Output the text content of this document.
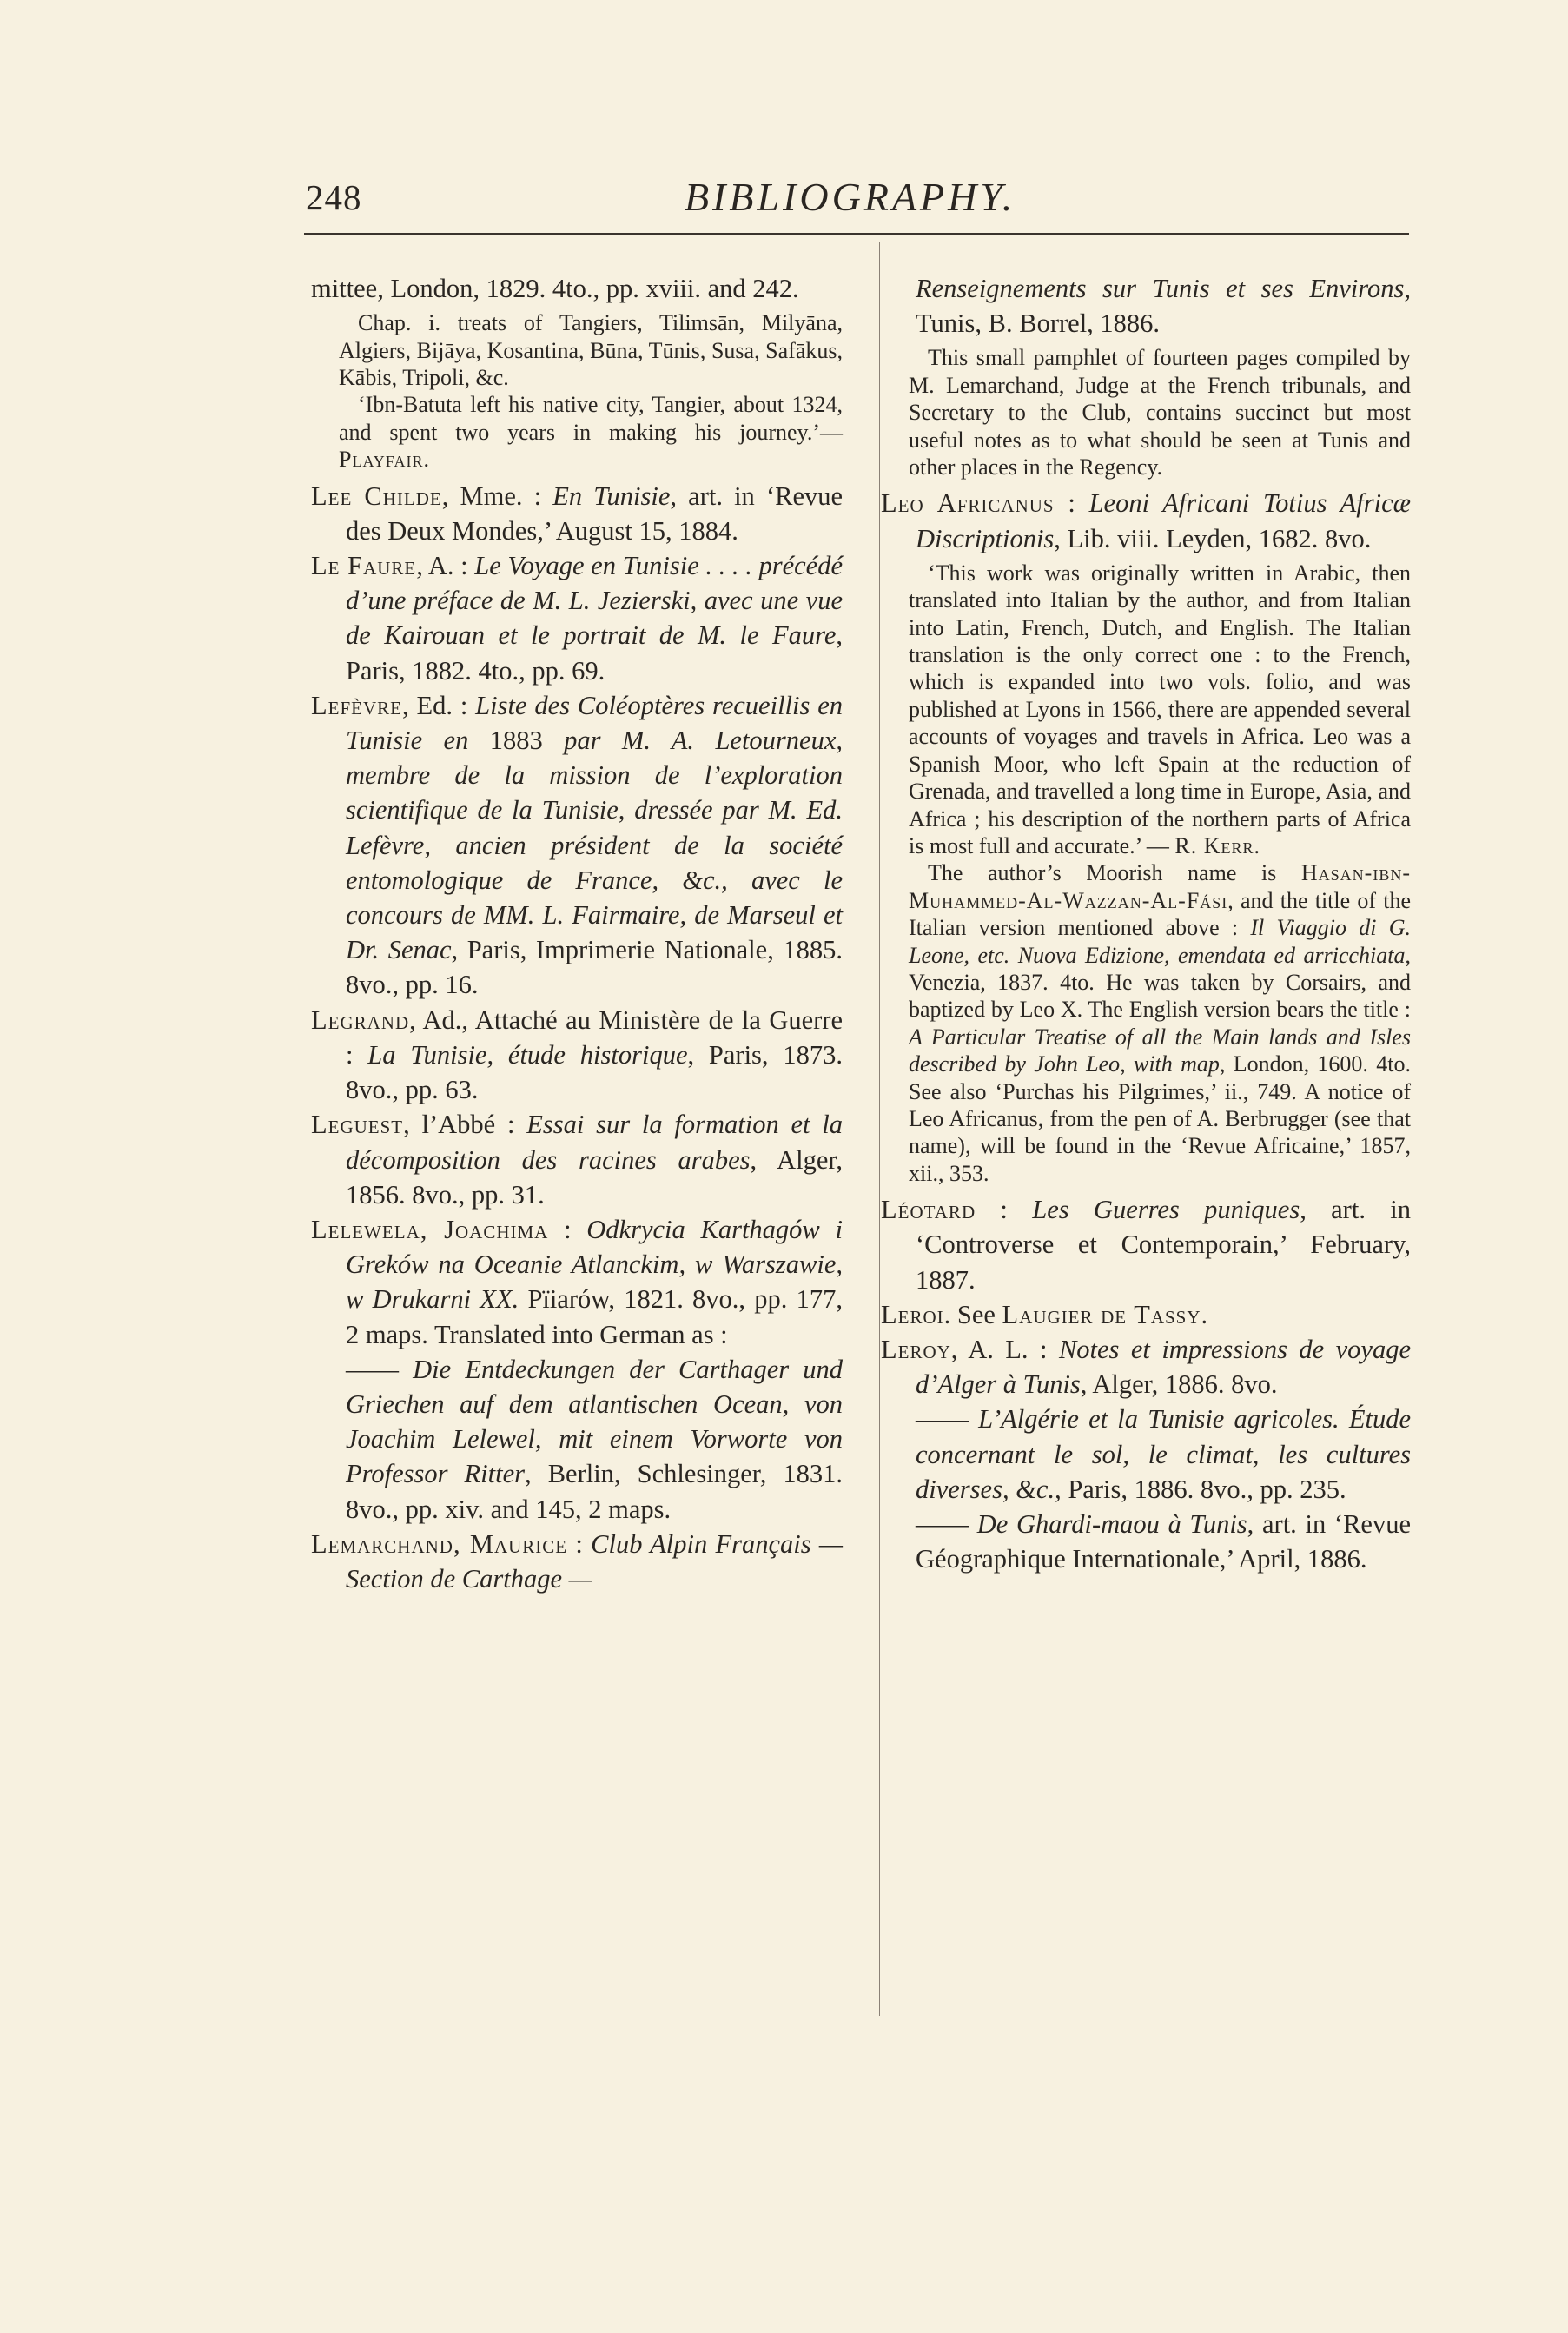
248	BIBLIOGRAPHY.

mittee, London, 1829. 4to., pp. xviii. and 242.

Chap. i. treats of Tangiers, Tilimsān, Milyāna, Algiers, Bijāya, Kosantina, Būna, Tūnis, Susa, Safākus, Kābis, Tripoli, &c.

‘Ibn-Batuta left his native city, Tangier, about 1324, and spent two years in making his journey.’—Playfair.

Lee Childe, Mme. : En Tunisie, art. in ‘Revue des Deux Mondes,’ August 15, 1884.

Le Faure, A. : Le Voyage en Tunisie . . . . précédé d’une préface de M. L. Jezierski, avec une vue de Kairouan et le portrait de M. le Faure, Paris, 1882. 4to., pp. 69.

Lefèvre, Ed. : Liste des Coléoptères recueillis en Tunisie en 1883 par M. A. Letourneux, membre de la mission de l’exploration scientifique de la Tunisie, dressée par M. Ed. Lefèvre, ancien président de la société entomologique de France, &c., avec le concours de MM. L. Fairmaire, de Marseul et Dr. Senac, Paris, Imprimerie Nationale, 1885. 8vo., pp. 16.

Legrand, Ad., Attaché au Ministère de la Guerre : La Tunisie, étude historique, Paris, 1873. 8vo., pp. 63.

Leguest, l’Abbé : Essai sur la formation et la décomposition des racines arabes, Alger, 1856. 8vo., pp. 31.

Lelewela, Joachima : Odkrycia Karthagów i Greków na Oceanie Atlanckim, w Warszawie, w Drukarni XX. Pïiarów, 1821. 8vo., pp. 177, 2 maps. Translated into German as :

—— Die Entdeckungen der Carthager und Griechen auf dem atlantischen Ocean, von Joachim Lelewel, mit einem Vorworte von Professor Ritter, Berlin, Schlesinger, 1831. 8vo., pp. xiv. and 145, 2 maps.

Lemarchand, Maurice : Club Alpin Français — Section de Carthage —

Renseignements sur Tunis et ses Environs, Tunis, B. Borrel, 1886.

This small pamphlet of fourteen pages compiled by M. Lemarchand, Judge at the French tribunals, and Secretary to the Club, contains succinct but most useful notes as to what should be seen at Tunis and other places in the Regency.

Leo Africanus : Leoni Africani Totius Africæ Discriptionis, Lib. viii. Leyden, 1682. 8vo.

‘This work was originally written in Arabic, then translated into Italian by the author, and from Italian into Latin, French, Dutch, and English. The Italian translation is the only correct one : to the French, which is expanded into two vols. folio, and was published at Lyons in 1566, there are appended several accounts of voyages and travels in Africa. Leo was a Spanish Moor, who left Spain at the reduction of Grenada, and travelled a long time in Europe, Asia, and Africa ; his description of the northern parts of Africa is most full and accurate.’ — R. Kerr.

The author’s Moorish name is Hasan-ibn-Muhammed-Al-Wazzan-Al-Fási, and the title of the Italian version mentioned above : Il Viaggio di G. Leone, etc. Nuova Edizione, emendata ed arricchiata, Venezia, 1837. 4to. He was taken by Corsairs, and baptized by Leo X. The English version bears the title : A Particular Treatise of all the Main lands and Isles described by John Leo, with map, London, 1600. 4to. See also ‘Purchas his Pilgrimes,’ ii., 749. A notice of Leo Africanus, from the pen of A. Berbrugger (see that name), will be found in the ‘Revue Africaine,’ 1857, xii., 353.

Léotard : Les Guerres puniques, art. in ‘Controverse et Contemporain,’ February, 1887.

Leroi. See Laugier de Tassy.

Leroy, A. L. : Notes et impressions de voyage d’Alger à Tunis, Alger, 1886. 8vo.

—— L’Algérie et la Tunisie agricoles. Étude concernant le sol, le climat, les cultures diverses, &c., Paris, 1886. 8vo., pp. 235.

—— De Ghardi-maou à Tunis, art. in ‘Revue Géographique Internationale,’ April, 1886.
